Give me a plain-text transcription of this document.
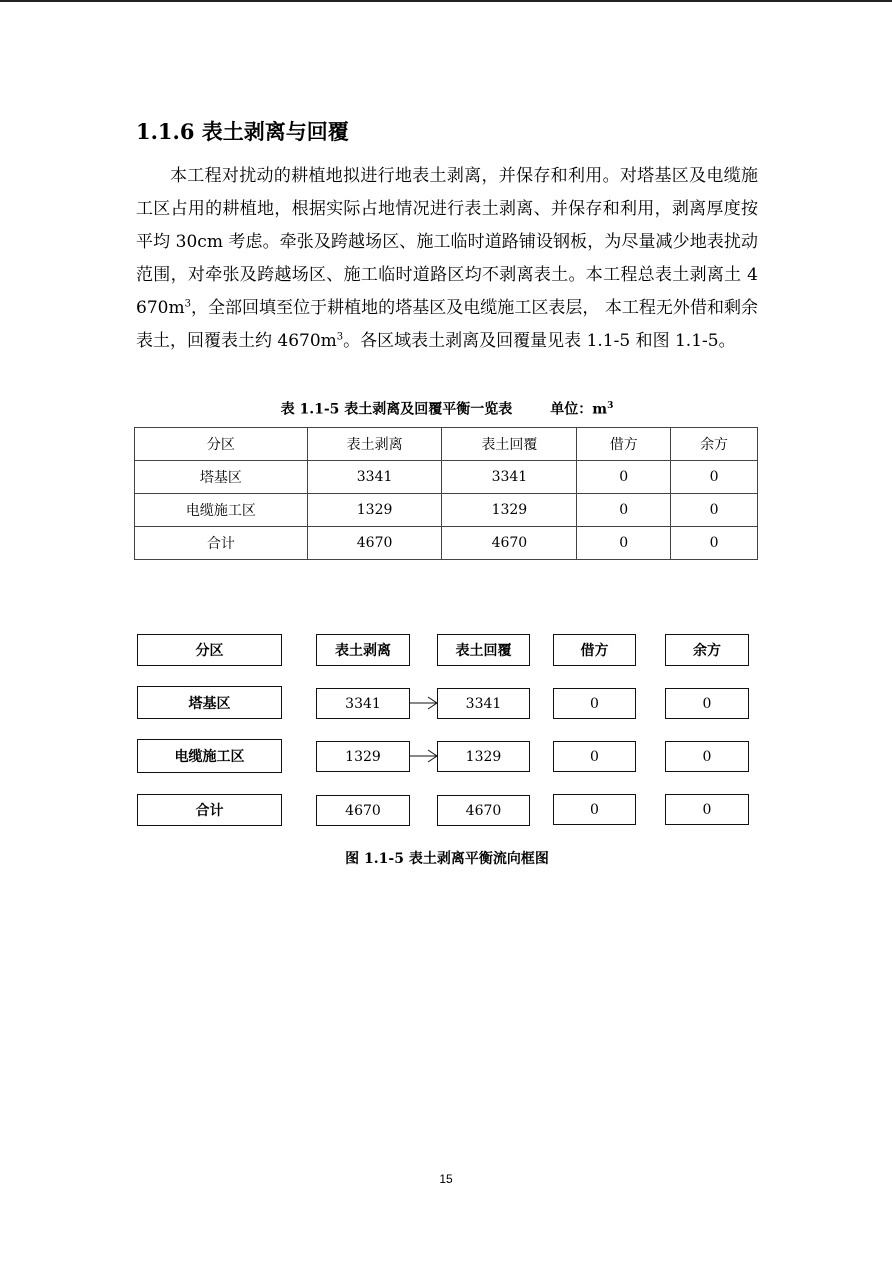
1.1.6 表土剥离与回覆
本工程对扰动的耕植地拟进行地表土剥离，并保存和利用。对塔基区及电缆施工区占用的耕植地，根据实际占地情况进行表土剥离、并保存和利用，剥离厚度按平均 30cm 考虑。牵张及跨越场区、施工临时道路铺设钢板，为尽量减少地表扰动范围，对牵张及跨越场区、施工临时道路区均不剥离表土。本工程总表土剥离土 $4670m^3$，全部回填至位于耕植地的塔基区及电缆施工区表层， 本工程无外借和剩余表土，回覆表土约 $4670m^3$。各区域表土剥离及回覆量见表 1.1-5 和图 1.1-5。
表 1.1-5 表土剥离及回覆平衡一览表	单位：$m^3$
分区	表土剥离	表土回覆	借方	余方
塔基区	3341	3341	0	0
电缆施工区	1329	1329	0	0
合计	4670	4670	0	0
分区	表土剥离	表土回覆	借方	余方
塔基区	3341	3341	0	0
电缆施工区	1329	1329	0	0
合计	4670	4670	0	0
图 1.1-5 表土剥离平衡流向框图
15
